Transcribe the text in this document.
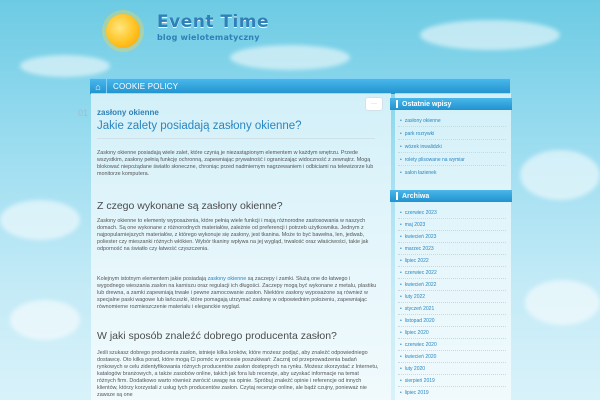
Event Time
blog wielotematyczny
⌂	COOKIE POLICY
01 zasłony okienne
···
Jakie zalety posiadają zasłony okienne?
Zasłony okienne posiadają wiele zalet, które czynią je niezastąpionym elementem w każdym wnętrzu. Przede wszystkim, zasłony pełnią funkcję ochronną, zapewniając prywatność i ograniczając widoczność z zewnątrz. Mogą blokować niepożądane światło słoneczne, chroniąc przed nadmiernym nagrzewaniem i odbiciami na telewizorze lub monitorze komputera.
Z czego wykonane są zasłony okienne?
Zasłony okienne to elementy wyposażenia, które pełnią wiele funkcji i mają różnorodne zastosowania w naszych domach. Są one wykonane z różnorodnych materiałów, zależnie od preferencji i potrzeb użytkownika. Jednym z najpopularniejszych materiałów, z którego wykonuje się zasłony, jest tkanina. Może to być bawełna, len, jedwab, poliester czy mieszanki różnych włókien. Wybór tkaniny wpływa na jej wygląd, trwałość oraz właściwości, takie jak odporność na światło czy łatwość czyszczenia.
Kolejnym istotnym elementem jakie posiadają zasłony okienne są zaczepy i zamki. Służą one do łatwego i wygodnego wieszania zasłon na karniszu oraz regulacji ich długości. Zaczepy mogą być wykonane z metalu, plastiku lub drewna, a zamki zapewniają trwałe i pewne zamocowanie zasłon. Niektóre zasłony wyposażone są również w specjalne paski wagowe lub łańcuszki, które pomagają utrzymać zasłonę w odpowiednim położeniu, zapewniając równomierne rozmieszczenie materiału i eleganckie wygląd.
W jaki sposób znaleźć dobrego producenta zasłon?
Jeśli szukasz dobrego producenta zasłon, istnieje kilka kroków, które możesz podjąć, aby znaleźć odpowiedniego dostawcę. Oto kilka porad, które mogą Ci pomóc w procesie poszukiwań: Zacznij od przeprowadzenia badań rynkowych w celu zidentyfikowania różnych producentów zasłon dostępnych na rynku. Możesz skorzystać z Internetu, katalogów branżowych, a także zasobów online, takich jak fora lub recenzje, aby uzyskać informacje na temat różnych firm. Dodatkowo warto również zwrócić uwagę na opinie. Spróbuj znaleźć opinie i referencje od innych klientów, którzy korzystali z usług tych producentów zasłon. Czytaj recenzje online, ale bądź czujny, ponieważ nie zawsze są one
Ostatnie wpisy
• zasłony okienne
• park rozrywki
• wózek inwalidzki
• rolety plisowane na wymiar
• salon łazienek
Archiwa
• czerwiec 2023
• maj 2023
• kwiecień 2023
• marzec 2023
• lipiec 2022
• czerwiec 2022
• kwiecień 2022
• luty 2022
• styczeń 2021
• listopad 2020
• lipiec 2020
• czerwiec 2020
• kwiecień 2020
• luty 2020
• sierpień 2019
• lipiec 2019
